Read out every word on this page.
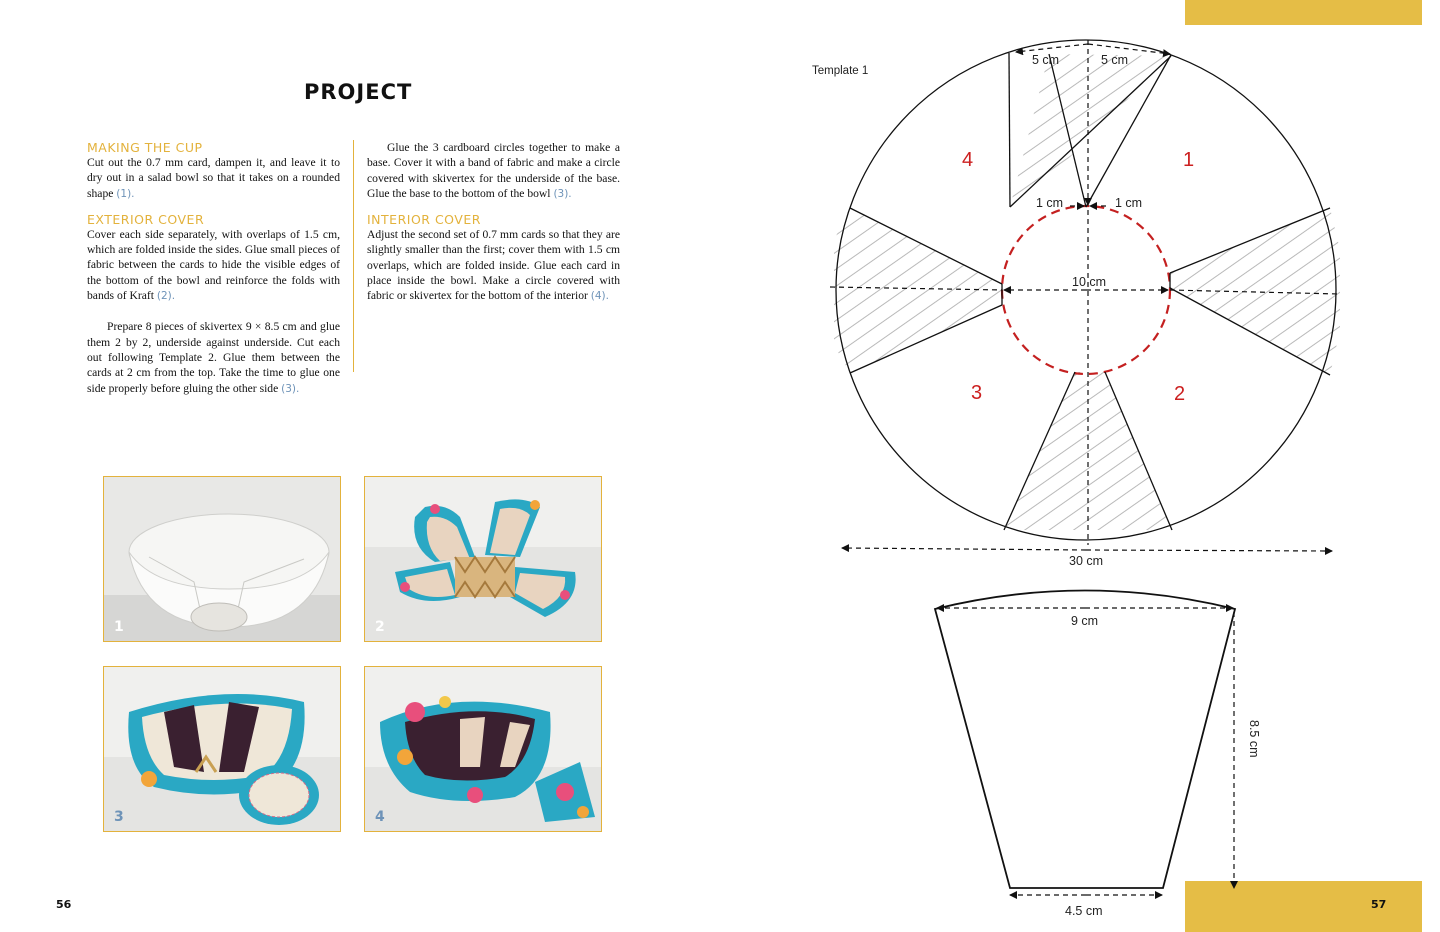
PROJECT
MAKING THE CUP

Cut out the 0.7 mm card, dampen it, and leave it to dry out in a salad bowl so that it takes on a rounded shape (1).

EXTERIOR COVER

Cover each side separately, with overlaps of 1.5 cm, which are folded inside the sides. Glue small pieces of fabric between the cards to hide the visible edges of the bottom of the bowl and reinforce the folds with bands of Kraft (2).

Prepare 8 pieces of skivertex 9 × 8.5 cm and glue them 2 by 2, underside against underside. Cut each out following Template 2. Glue them between the cards at 2 cm from the top. Take the time to glue one side properly before gluing the other side (3).

Glue the 3 cardboard circles together to make a base. Cover it with a band of fabric and make a circle covered with skivertex for the underside of the base. Glue the base to the bottom of the bowl (3).

INTERIOR COVER

Adjust the second set of 0.7 mm cards so that they are slightly smaller than the first; cover them with 1.5 cm overlaps, which are folded inside. Glue each card in place inside the bowl. Make a circle covered with fabric or skivertex for the bottom of the interior (4).

1	2
3	4
56	57
Template 1
5 cm	5 cm
1 cm	1 cm
10 cm
30 cm
4	1
3	2
9 cm
8.5 cm
4.5 cm
